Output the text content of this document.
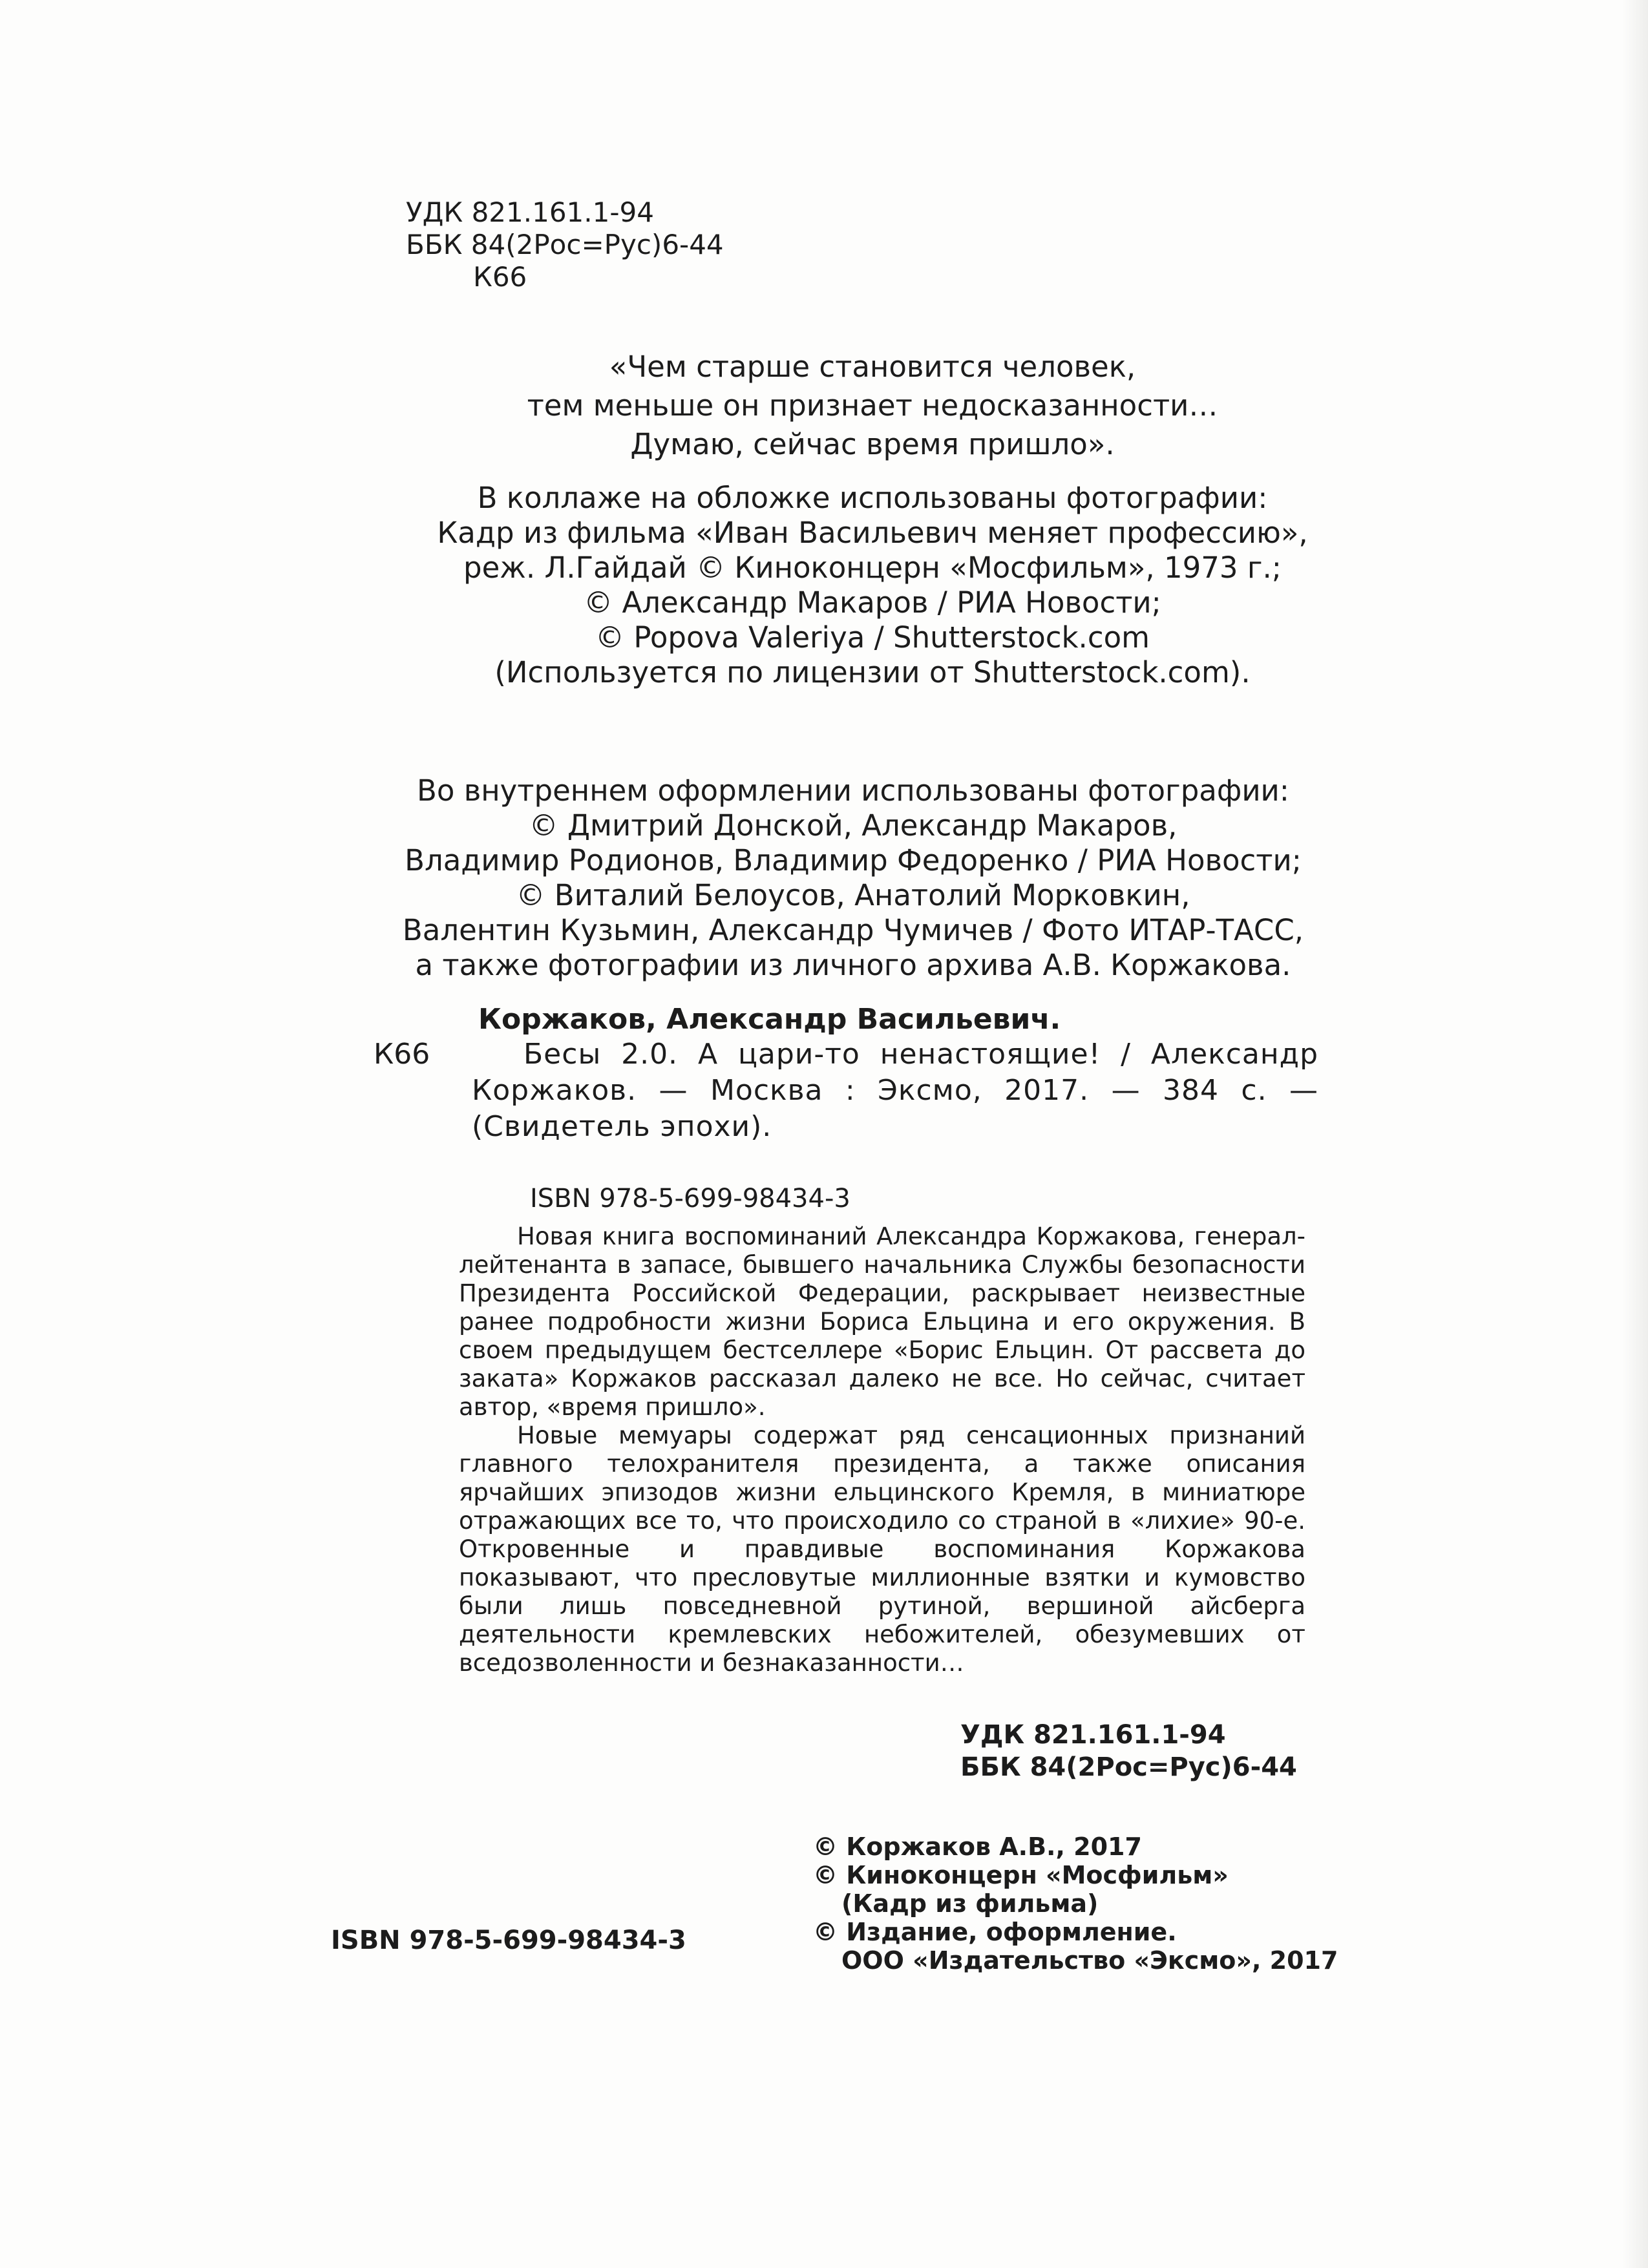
УДК 821.161.1-94
ББК 84(2Рос=Рус)6-44
К66
«Чем старше становится человек,
тем меньше он признает недосказанности…
Думаю, сейчас время пришло».
В коллаже на обложке использованы фотографии:
Кадр из фильма «Иван Васильевич меняет профессию»,
реж. Л.Гайдай © Киноконцерн «Мосфильм», 1973 г.;
© Александр Макаров / РИА Новости;
© Popova Valeriya / Shutterstock.com
(Используется по лицензии от Shutterstock.com).
Во внутреннем оформлении использованы фотографии:
© Дмитрий Донской, Александр Макаров,
Владимир Родионов, Владимир Федоренко / РИА Новости;
© Виталий Белоусов, Анатолий Морковкин,
Валентин Кузьмин, Александр Чумичев / Фото ИТАР-ТАСС,
а также фотографии из личного архива А.В. Коржакова.
Коржаков, Александр Васильевич.
К66	Бесы 2.0. А цари-то ненастоящие! / Александр Коржаков. — Москва : Эксмо, 2017. — 384 с. — (Свидетель эпохи).
ISBN 978-5-699-98434-3

Новая книга воспоминаний Александра Коржакова, генерал-лейтенанта в запасе, бывшего начальника Службы безопасности Президента Российской Федерации, раскрывает неизвестные ранее подробности жизни Бориса Ельцина и его окружения. В своем предыдущем бестселлере «Борис Ельцин. От рассвета до заката» Коржаков рассказал далеко не все. Но сейчас, считает автор, «время пришло».

Новые мемуары содержат ряд сенсационных признаний главного телохранителя президента, а также описания ярчайших эпизодов жизни ельцинского Кремля, в миниатюре отражающих все то, что происходило со страной в «лихие» 90-е. Откровенные и правдивые воспоминания Коржакова показывают, что пресловутые миллионные взятки и кумовство были лишь повседневной рутиной, вершиной айсберга деятельности кремлевских небожителей, обезумевших от вседозволенности и безнаказанности…

УДК 821.161.1-94
ББК 84(2Рос=Рус)6-44
ISBN 978-5-699-98434-3
© Коржаков А.В., 2017
© Киноконцерн «Мосфильм»
(Кадр из фильма)
© Издание, оформление.
ООО «Издательство «Эксмо», 2017
